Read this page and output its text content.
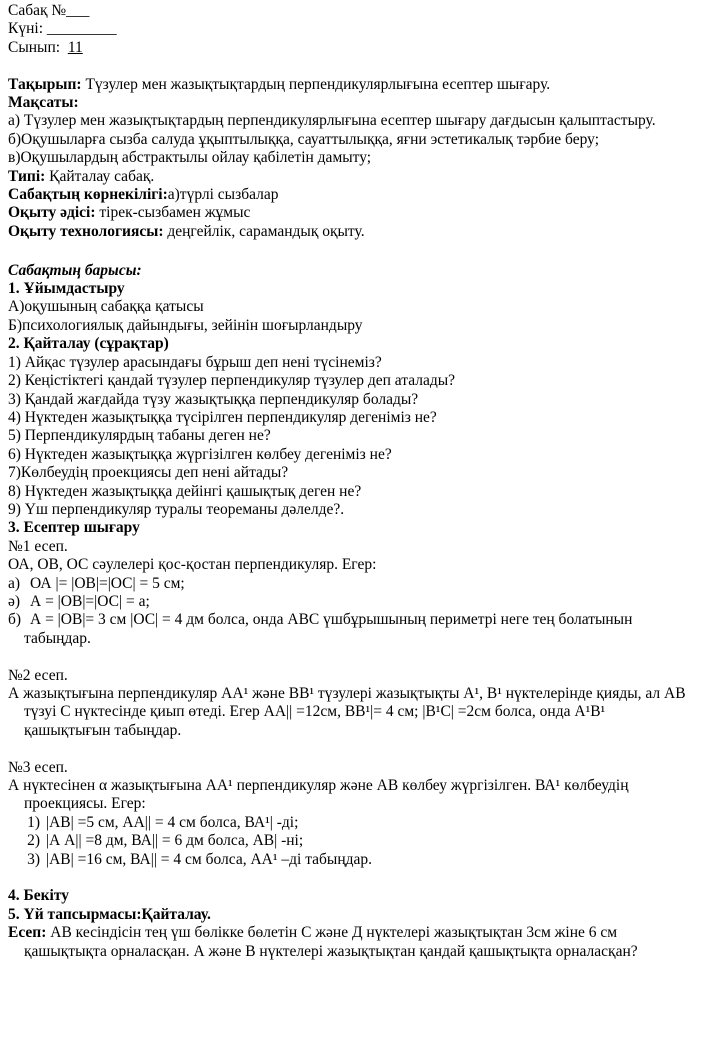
Сабақ №___
Күні: _________
Сынып: 11
Тақырып: Түзулер мен жазықтықтардың перпендикулярлығына есептер шығару.
Мақсаты:
а) Түзулер мен жазықтықтардың перпендикулярлығына есептер шығару дағдысын қалыптастыру.
б)Оқушыларға сызба салуда ұқыптылыққа, сауаттылыққа, яғни эстетикалық тәрбие беру;
в)Оқушылардың абстрактылы ойлау қабілетін дамыту;
Типі: Қайталау сабақ.
Сабақтың көрнекілігі:а)түрлі сызбалар
Оқыту әдісі: тірек-сызбамен жұмыс
Оқыту технологиясы: деңгейлік, сарамандық оқыту.
Сабақтың барысы:
1. Ұйымдастыру
А)оқушының сабаққа қатысы
Б)психологиялық дайындығы, зейінін шоғырландыру
2. Қайталау (сұрақтар)
1) Айқас түзулер арасындағы бұрыш деп нені түсінеміз?
2) Кеңістіктегі қандай түзулер перпендикуляр түзулер деп аталады?
3) Қандай жағдайда түзу жазықтыққа перпендикуляр болады?
4) Нүктеден жазықтыққа түсірілген перпендикуляр дегеніміз не?
5) Перпендикулярдың табаны деген не?
6) Нүктеден жазықтыққа жүргізілген көлбеу дегеніміз не?
7)Көлбеудің проекциясы деп нені айтады?
8) Нүктеден жазықтыққа дейінгі қашықтық деген не?
9) Үш перпендикуляр туралы теореманы дәлелде?.
3. Есептер шығару
№1 есеп.
ОА, ОВ, ОС сәулелері қос-қостан перпендикуляр. Егер:
а) ОА |= |ОВ|=|ОС| = 5 см;
ә) А = |ОВ|=|ОС| = а;
б) А = |ОВ|= 3 см |ОС| = 4 дм болса, онда АВС үшбұрышының периметрі неге тең болатынын
табыңдар.
№2 есеп.
А жазықтығына перпендикуляр АА¹ және ВВ¹ түзулері жазықтықты А¹, В¹ нүктелерінде қияды, ал АВ
түзуі С нүктесінде қиып өтеді. Егер АА|| =12см, ВВ¹|= 4 см; |В¹С| =2см болса, онда А¹В¹
қашықтығын табыңдар.
№3 есеп.
А нүктесінен α жазықтығына АА¹ перпендикуляр және АВ көлбеу жүргізілген. ВА¹ көлбеудің
проекциясы. Егер:
1) |АВ| =5 см, АА|| = 4 см болса, ВА¹| -ді;
2) |А А|| =8 дм, ВА|| = 6 дм болса, АВ| -ні;
3) |АВ| =16 см, ВА|| = 4 см болса, АА¹ –ді табыңдар.
4. Бекіту
5. Үй тапсырмасы:Қайталау.
Есеп: АВ кесіндісін тең үш бөлікке бөлетін С және Д нүктелері жазықтықтан 3см жіне 6 см
қашықтықта орналасқан. А және В нүктелері жазықтықтан қандай қашықтықта орналасқан?
